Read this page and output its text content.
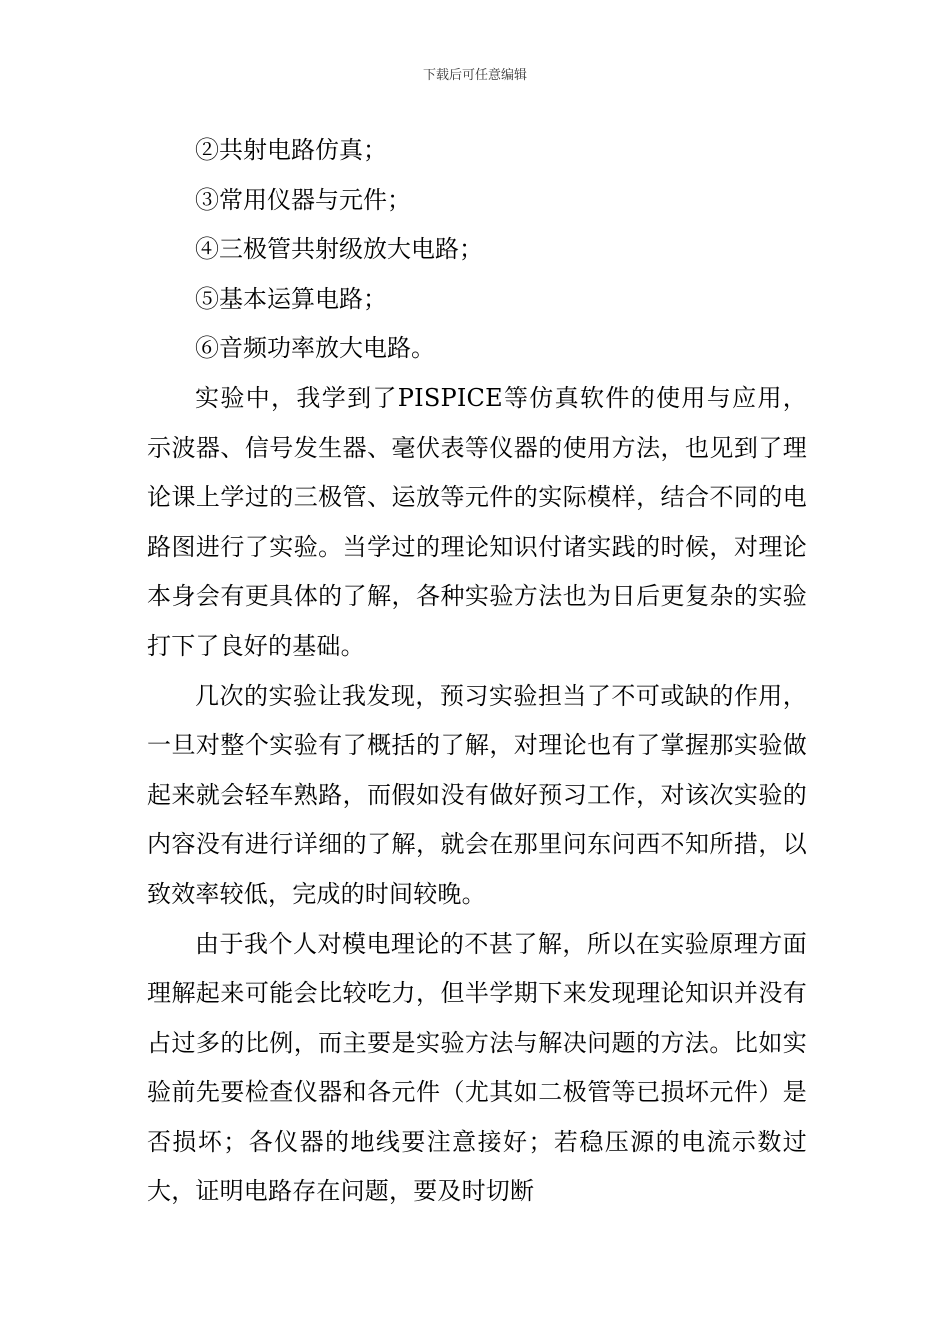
下载后可任意编辑
②共射电路仿真；
③常用仪器与元件；
④三极管共射级放大电路；
⑤基本运算电路；
⑥音频功率放大电路。
实验中，我学到了PISPICE等仿真软件的使用与应用，示波器、信号发生器、毫伏表等仪器的使用方法，也见到了理论课上学过的三极管、运放等元件的实际模样，结合不同的电路图进行了实验。当学过的理论知识付诸实践的时候，对理论本身会有更具体的了解，各种实验方法也为日后更复杂的实验打下了良好的基础。
几次的实验让我发现，预习实验担当了不可或缺的作用，一旦对整个实验有了概括的了解，对理论也有了掌握那实验做起来就会轻车熟路，而假如没有做好预习工作，对该次实验的内容没有进行详细的了解，就会在那里问东问西不知所措，以致效率较低，完成的时间较晚。
由于我个人对模电理论的不甚了解，所以在实验原理方面理解起来可能会比较吃力，但半学期下来发现理论知识并没有占过多的比例，而主要是实验方法与解决问题的方法。比如实验前先要检查仪器和各元件（尤其如二极管等已损坏元件）是否损坏；各仪器的地线要注意接好；若稳压源的电流示数过大，证明电路存在问题，要及时切断
